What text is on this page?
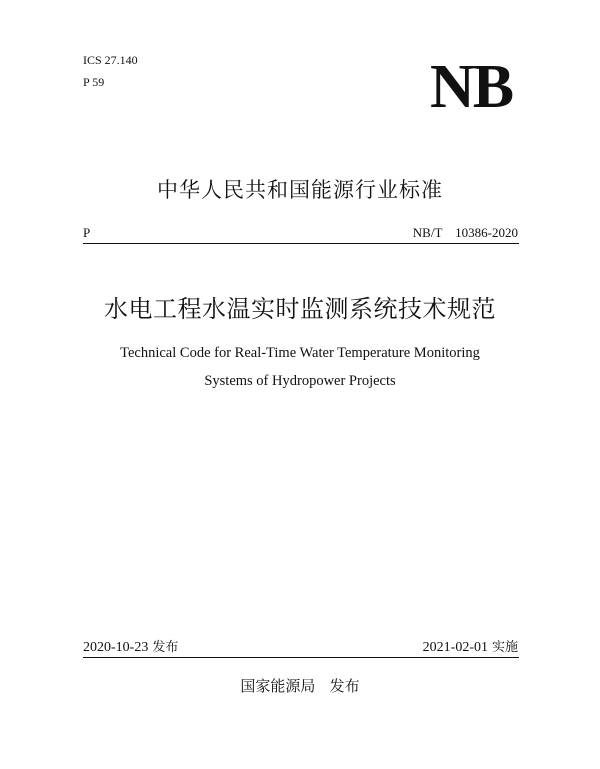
ICS 27.140
P 59	NB
中华人民共和国能源行业标准
P	NB/T    10386-2020
水电工程水温实时监测系统技术规范
Technical Code for Real-Time Water Temperature Monitoring
Systems of Hydropower Projects
2020-10-23 发布	2021-02-01 实施
国家能源局   发布
